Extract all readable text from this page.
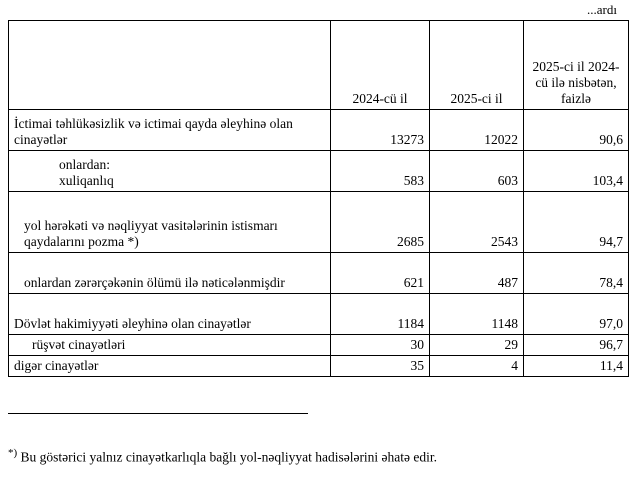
...ardı
	2024-cü il	2025-ci il	2025-ci il 2024-cü ilə nisbətən, faizlə
İctimai təhlükəsizlik və ictimai qayda əleyhinə olan cinayətlər	13273	12022	90,6

onlardan:
xuliqanlıq	583	603	103,4

yol hərəkəti və nəqliyyat vasitələrinin istismarı qaydalarını pozma *)	2685	2543	94,7

onlardan zərərçəkənin ölümü ilə nəticələnmişdir	621	487	78,4
Dövlət hakimiyyəti əleyhinə olan cinayətlər	1184	1148	97,0

rüşvət cinayətləri	30	29	96,7
digər cinayətlər	35	4	11,4
*) Bu göstərici yalnız cinayətkarlıqla bağlı yol-nəqliyyat hadisələrini əhatə edir.
